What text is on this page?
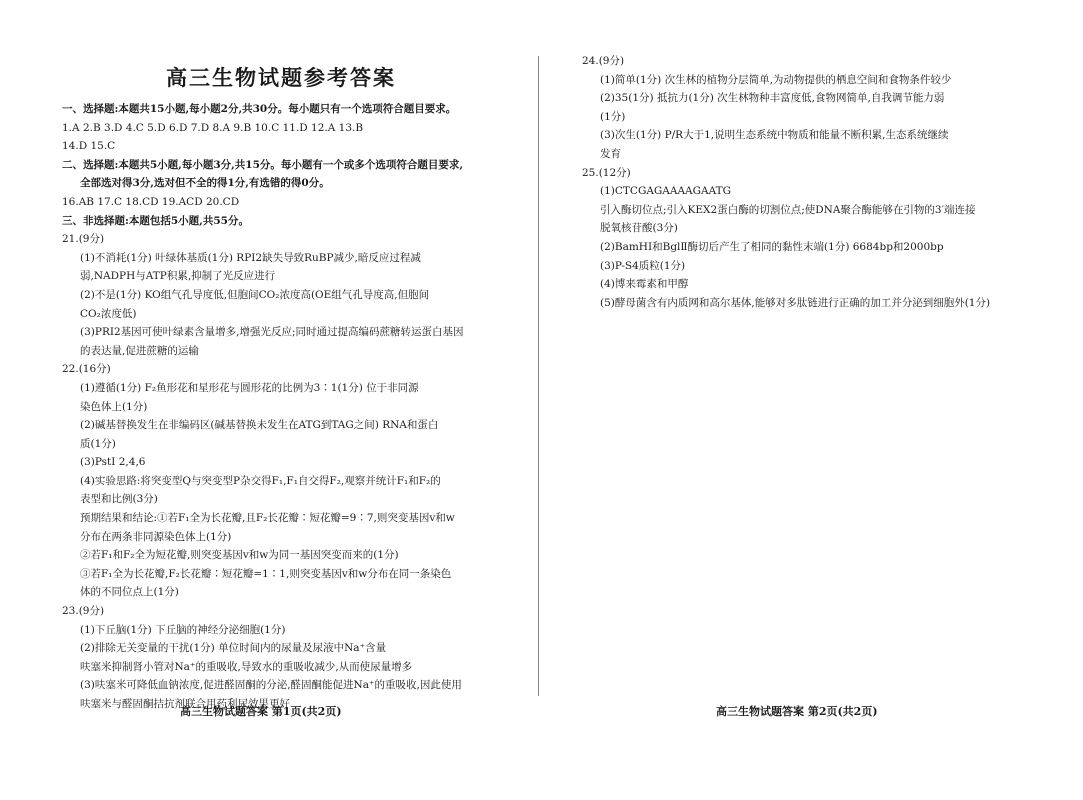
高三生物试题参考答案
一、选择题:本题共15小题,每小题2分,共30分。每小题只有一个选项符合题目要求。
1.A 2.B 3.D 4.C 5.D 6.D 7.D 8.A 9.B 10.C 11.D 12.A 13.B
14.D 15.C
二、选择题:本题共5小题,每小题3分,共15分。每小题有一个或多个选项符合题目要求,
全部选对得3分,选对但不全的得1分,有选错的得0分。
16.AB 17.C 18.CD 19.ACD 20.CD
三、非选择题:本题包括5小题,共55分。
21.(9分)
(1)不消耗(1分) 叶绿体基质(1分) RPI2缺失导致RuBP减少,暗反应过程减
弱,NADPH与ATP积累,抑制了光反应进行
(2)不是(1分) KO组气孔导度低,但胞间CO₂浓度高(OE组气孔导度高,但胞间
CO₂浓度低)
(3)PRI2基因可使叶绿素含量增多,增强光反应;同时通过提高编码蔗糖转运蛋白基因
的表达量,促进蔗糖的运输
22.(16分)
(1)遵循(1分) F₂鱼形花和星形花与圆形花的比例为3∶1(1分) 位于非同源
染色体上(1分)
(2)碱基替换发生在非编码区(碱基替换未发生在ATG到TAG之间) RNA和蛋白
质(1分)
(3)PstⅠ 2,4,6
(4)实验思路:将突变型Q与突变型P杂交得F₁,F₁自交得F₂,观察并统计F₁和F₂的
表型和比例(3分)
预期结果和结论:①若F₁全为长花瓣,且F₂长花瓣∶短花瓣=9∶7,则突变基因v和w
分布在两条非同源染色体上(1分)
②若F₁和F₂全为短花瓣,则突变基因v和w为同一基因突变而来的(1分)
③若F₁全为长花瓣,F₂长花瓣∶短花瓣=1∶1,则突变基因v和w分布在同一条染色
体的不同位点上(1分)
23.(9分)
(1)下丘脑(1分) 下丘脑的神经分泌细胞(1分)
(2)排除无关变量的干扰(1分) 单位时间内的尿量及尿液中Na⁺含量
呋塞米抑制肾小管对Na⁺的重吸收,导致水的重吸收减少,从而使尿量增多
(3)呋塞米可降低血钠浓度,促进醛固酮的分泌,醛固酮能促进Na⁺的重吸收,因此使用
呋塞米与醛固酮拮抗剂联合用药利尿效果更好
24.(9分)
(1)简单(1分) 次生林的植物分层简单,为动物提供的栖息空间和食物条件较少
(2)35(1分) 抵抗力(1分) 次生林物种丰富度低,食物网简单,自我调节能力弱
(1分)
(3)次生(1分) P/R大于1,说明生态系统中物质和能量不断积累,生态系统继续
发育
25.(12分)
(1)CTCGAGAAAAGAATG
引入酶切位点;引入KEX2蛋白酶的切割位点;使DNA聚合酶能够在引物的3′端连接
脱氧核苷酸(3分)
(2)BamHⅠ和BglⅡ酶切后产生了相同的黏性末端(1分) 6684bp和2000bp
(3)P-S4质粒(1分)
(4)博来霉素和甲醇
(5)酵母菌含有内质网和高尔基体,能够对多肽链进行正确的加工并分泌到细胞外(1分)
高三生物试题答案 第1页(共2页)	高三生物试题答案 第2页(共2页)
